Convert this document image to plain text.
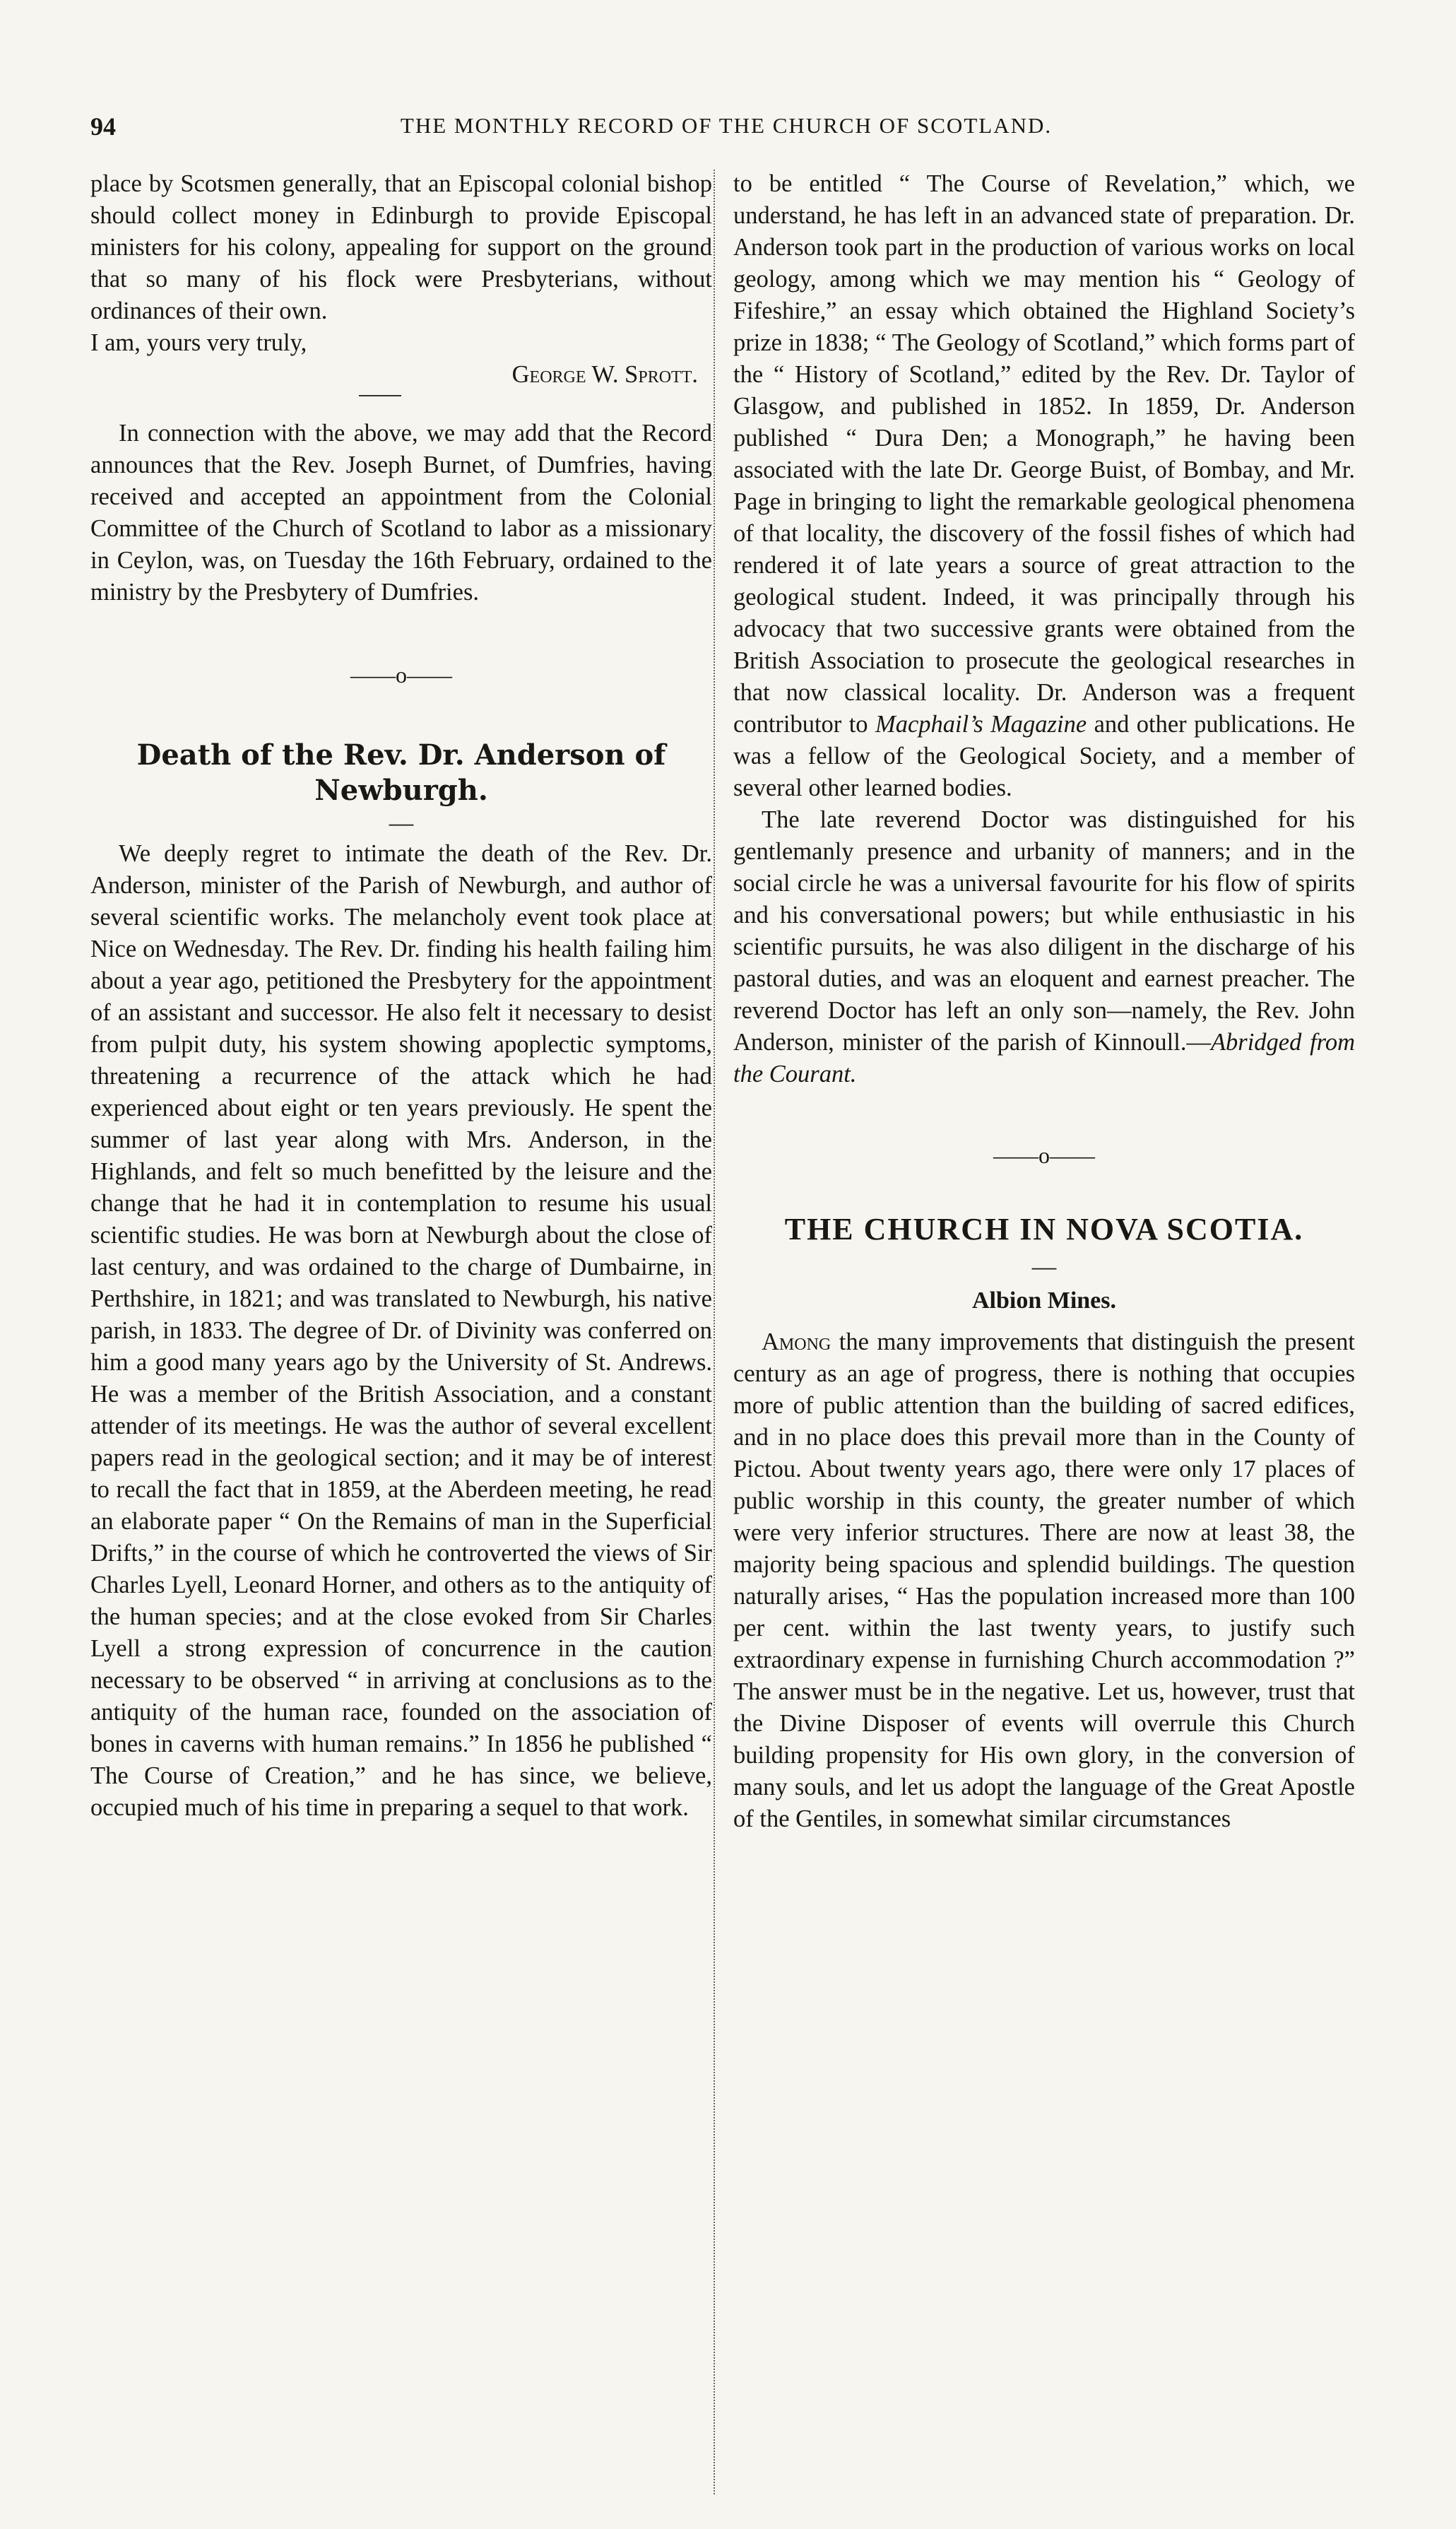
94	THE MONTHLY RECORD OF THE CHURCH OF SCOTLAND.

place by Scotsmen generally, that an Episcopal colonial bishop should collect money in Edinburgh to provide Episcopal ministers for his colony, appealing for support on the ground that so many of his flock were Presbyterians, without ordinances of their own.

I am, yours very truly,

George W. Sprott.

In connection with the above, we may add that the Record announces that the Rev. Joseph Burnet, of Dumfries, having received and accepted an appointment from the Colonial Committee of the Church of Scotland to labor as a missionary in Ceylon, was, on Tuesday the 16th February, ordained to the ministry by the Presbytery of Dumfries.

——o——
Death of the Rev. Dr. Anderson of Newburgh.
—

We deeply regret to intimate the death of the Rev. Dr. Anderson, minister of the Parish of Newburgh, and author of several scientific works. The melancholy event took place at Nice on Wednesday. The Rev. Dr. finding his health failing him about a year ago, petitioned the Presbytery for the appointment of an assistant and successor. He also felt it necessary to desist from pulpit duty, his system showing apoplectic symptoms, threatening a recurrence of the attack which he had experienced about eight or ten years previously. He spent the summer of last year along with Mrs. Anderson, in the Highlands, and felt so much benefitted by the leisure and the change that he had it in contemplation to resume his usual scientific studies. He was born at Newburgh about the close of last century, and was ordained to the charge of Dumbairne, in Perthshire, in 1821; and was translated to Newburgh, his native parish, in 1833. The degree of Dr. of Divinity was conferred on him a good many years ago by the University of St. Andrews. He was a member of the British Association, and a constant attender of its meetings. He was the author of several excellent papers read in the geological section; and it may be of interest to recall the fact that in 1859, at the Aberdeen meeting, he read an elaborate paper “ On the Remains of man in the Superficial Drifts,” in the course of which he controverted the views of Sir Charles Lyell, Leonard Horner, and others as to the antiquity of the human species; and at the close evoked from Sir Charles Lyell a strong expression of concurrence in the caution necessary to be observed “ in arriving at conclusions as to the antiquity of the human race, founded on the association of bones in caverns with human remains.” In 1856 he published “ The Course of Creation,” and he has since, we believe, occupied much of his time in preparing a sequel to that work.

to be entitled “ The Course of Revelation,” which, we understand, he has left in an advanced state of preparation. Dr. Anderson took part in the production of various works on local geology, among which we may mention his “ Geology of Fifeshire,” an essay which obtained the Highland Society’s prize in 1838; “ The Geology of Scotland,” which forms part of the “ History of Scotland,” edited by the Rev. Dr. Taylor of Glasgow, and published in 1852. In 1859, Dr. Anderson published “ Dura Den; a Monograph,” he having been associated with the late Dr. George Buist, of Bombay, and Mr. Page in bringing to light the remarkable geological phenomena of that locality, the discovery of the fossil fishes of which had rendered it of late years a source of great attraction to the geological student. Indeed, it was principally through his advocacy that two successive grants were obtained from the British Association to prosecute the geological researches in that now classical locality. Dr. Anderson was a frequent contributor to Macphail’s Magazine and other publications. He was a fellow of the Geological Society, and a member of several other learned bodies.

The late reverend Doctor was distinguished for his gentlemanly presence and urbanity of manners; and in the social circle he was a universal favourite for his flow of spirits and his conversational powers; but while enthusiastic in his scientific pursuits, he was also diligent in the discharge of his pastoral duties, and was an eloquent and earnest preacher. The reverend Doctor has left an only son—namely, the Rev. John Anderson, minister of the parish of Kinnoull.—Abridged from the Courant.

——o——
THE CHURCH IN NOVA SCOTIA.
—
Albion Mines.

Among the many improvements that distinguish the present century as an age of progress, there is nothing that occupies more of public attention than the building of sacred edifices, and in no place does this prevail more than in the County of Pictou. About twenty years ago, there were only 17 places of public worship in this county, the greater number of which were very inferior structures. There are now at least 38, the majority being spacious and splendid buildings. The question naturally arises, “ Has the population increased more than 100 per cent. within the last twenty years, to justify such extraordinary expense in furnishing Church accommodation ?” The answer must be in the negative. Let us, however, trust that the Divine Disposer of events will overrule this Church building propensity for His own glory, in the conversion of many souls, and let us adopt the language of the Great Apostle of the Gentiles, in somewhat similar circumstances
